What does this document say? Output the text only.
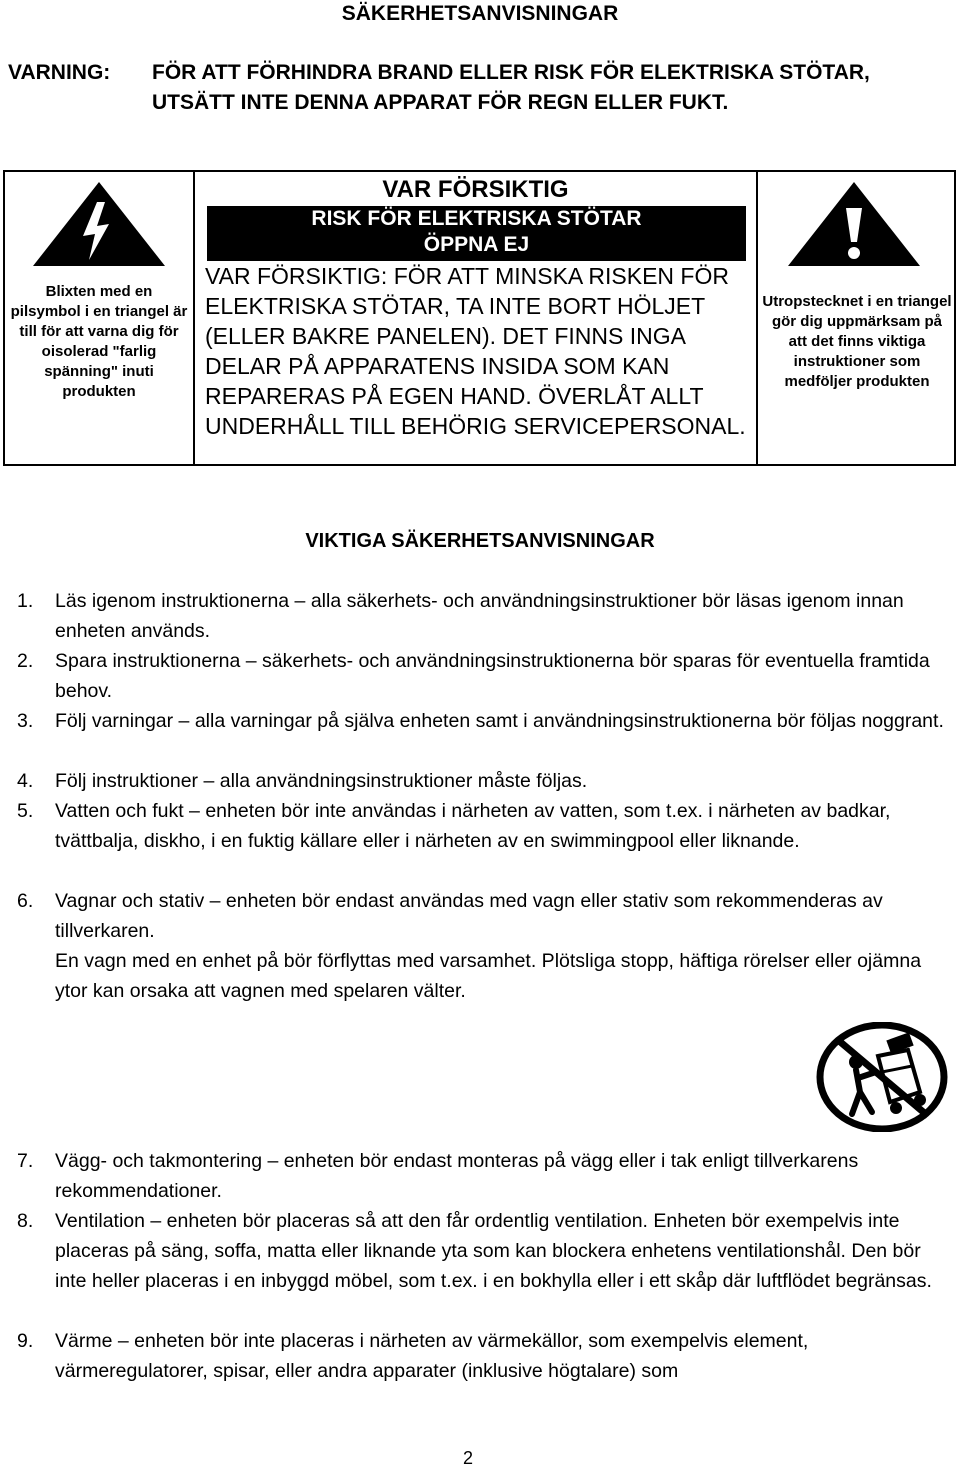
SÄKERHETSANVISNINGAR
VARNING: FÖR ATT FÖRHINDRA BRAND ELLER RISK FÖR ELEKTRISKA STÖTAR, UTSÄTT INTE DENNA APPARAT FÖR REGN ELLER FUKT.
Blixten med en pilsymbol i en triangel är till för att varna dig för oisolerad "farlig spänning" inuti produkten
VAR FÖRSIKTIG
RISK FÖR ELEKTRISKA STÖTAR
ÖPPNA EJ
VAR FÖRSIKTIG: FÖR ATT MINSKA RISKEN FÖR ELEKTRISKA STÖTAR, TA INTE BORT HÖLJET (ELLER BAKRE PANELEN). DET FINNS INGA DELAR PÅ APPARATENS INSIDA SOM KAN REPARERAS PÅ EGEN HAND. ÖVERLÅT ALLT UNDERHÅLL TILL BEHÖRIG SERVICEPERSONAL.
Utropstecknet i en triangel gör dig uppmärksam på att det finns viktiga instruktioner som medföljer produkten
VIKTIGA SÄKERHETSANVISNINGAR
1. Läs igenom instruktionerna – alla säkerhets- och användningsinstruktioner bör läsas igenom innan enheten används.
2. Spara instruktionerna – säkerhets- och användningsinstruktionerna bör sparas för eventuella framtida behov.
3. Följ varningar – alla varningar på själva enheten samt i användningsinstruktionerna bör följas noggrant.
4. Följ instruktioner – alla användningsinstruktioner måste följas.
5. Vatten och fukt – enheten bör inte användas i närheten av vatten, som t.ex. i närheten av badkar, tvättbalja, diskho, i en fuktig källare eller i närheten av en swimmingpool eller liknande.
6. Vagnar och stativ – enheten bör endast användas med vagn eller stativ som rekommenderas av tillverkaren.
En vagn med en enhet på bör förflyttas med varsamhet. Plötsliga stopp, häftiga rörelser eller ojämna ytor kan orsaka att vagnen med spelaren välter.
7. Vägg- och takmontering – enheten bör endast monteras på vägg eller i tak enligt tillverkarens rekommendationer.
8. Ventilation – enheten bör placeras så att den får ordentlig ventilation. Enheten bör exempelvis inte placeras på säng, soffa, matta eller liknande yta som kan blockera enhetens ventilationshål. Den bör inte heller placeras i en inbyggd möbel, som t.ex. i en bokhylla eller i ett skåp där luftflödet begränsas.
9. Värme – enheten bör inte placeras i närheten av värmekällor, som exempelvis element, värmeregulatorer, spisar, eller andra apparater (inklusive högtalare) som
2
